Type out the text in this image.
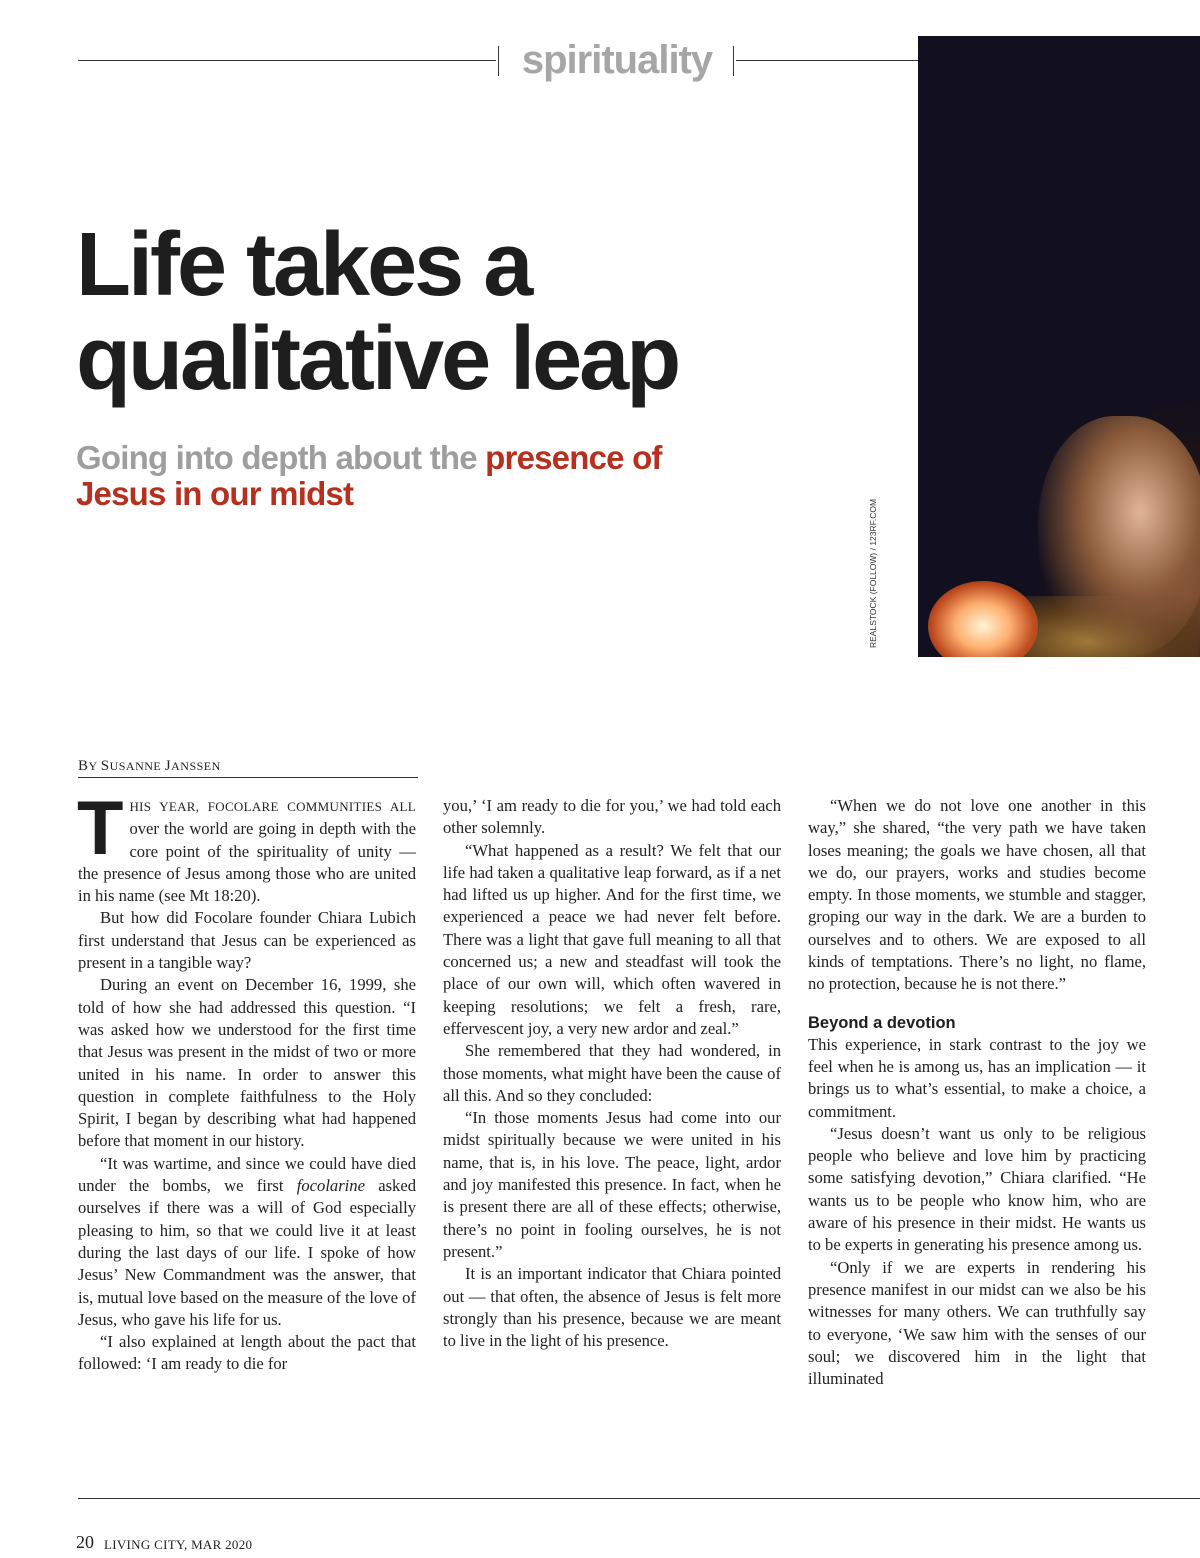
spirituality
REALSTOCK (FOLLOW) / 123RF.COM
Life takes a
qualitative leap
Going into depth about the presence of Jesus in our midst
BY SUSANNE JANSSEN

THIS YEAR, FOCOLARE COMMUNITIES ALL over the world are going in depth with the core point of the spirituality of unity — the presence of Jesus among those who are united in his name (see Mt 18:20).

But how did Focolare founder Chiara Lubich first understand that Jesus can be experienced as present in a tangible way?

During an event on December 16, 1999, she told of how she had addressed this question. “I was asked how we understood for the first time that Jesus was present in the midst of two or more united in his name. In order to answer this question in complete faithfulness to the Holy Spirit, I began by describing what had happened before that moment in our history.

“It was wartime, and since we could have died under the bombs, we first focolarine asked ourselves if there was a will of God especially pleasing to him, so that we could live it at least during the last days of our life. I spoke of how Jesus’ New Commandment was the answer, that is, mutual love based on the measure of the love of Jesus, who gave his life for us.

“I also explained at length about the pact that followed: ‘I am ready to die for

you,’ ‘I am ready to die for you,’ we had told each other solemnly.

“What happened as a result? We felt that our life had taken a qualitative leap forward, as if a net had lifted us up higher. And for the first time, we experienced a peace we had never felt before. There was a light that gave full meaning to all that concerned us; a new and steadfast will took the place of our own will, which often wavered in keeping resolutions; we felt a fresh, rare, effervescent joy, a very new ardor and zeal.”

She remembered that they had wondered, in those moments, what might have been the cause of all this. And so they concluded:

“In those moments Jesus had come into our midst spiritually because we were united in his name, that is, in his love. The peace, light, ardor and joy manifested this presence. In fact, when he is present there are all of these effects; otherwise, there’s no point in fooling ourselves, he is not present.”

It is an important indicator that Chiara pointed out — that often, the absence of Jesus is felt more strongly than his presence, because we are meant to live in the light of his presence.

“When we do not love one another in this way,” she shared, “the very path we have taken loses meaning; the goals we have chosen, all that we do, our prayers, works and studies become empty. In those moments, we stumble and stagger, groping our way in the dark. We are a burden to ourselves and to others. We are exposed to all kinds of temptations. There’s no light, no flame, no protection, because he is not there.”

Beyond a devotion

This experience, in stark contrast to the joy we feel when he is among us, has an implication — it brings us to what’s essential, to make a choice, a commitment.

“Jesus doesn’t want us only to be religious people who believe and love him by practicing some satisfying devotion,” Chiara clarified. “He wants us to be people who know him, who are aware of his presence in their midst. He wants us to be experts in generating his presence among us.

“Only if we are experts in rendering his presence manifest in our midst can we also be his witnesses for many others. We can truthfully say to everyone, ‘We saw him with the senses of our soul; we discovered him in the light that illuminated

20 LIVING CITY, MAR 2020
